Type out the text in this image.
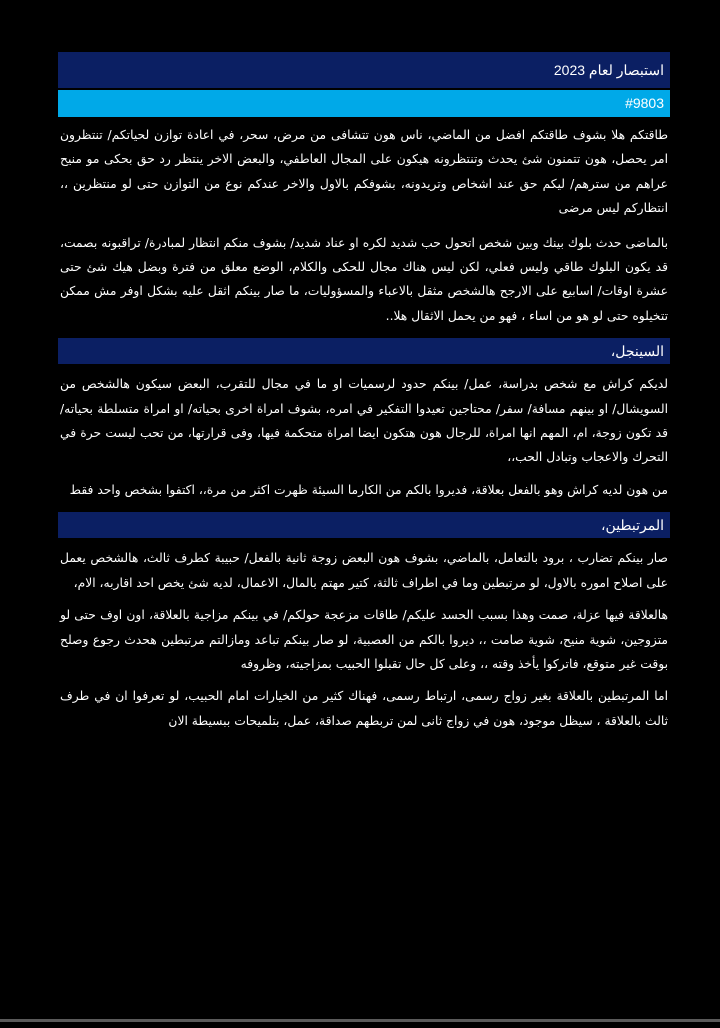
استبصار لعام 2023
#9803

طاقتكم هلا بشوف طاقتكم افضل من الماضي، ناس هون تتشافى من مرض، سحر، في اعادة توازن لحياتكم/ تنتظرون امر يحصل، هون تتمنون شئ يحدث وتنتظرونه هيكون على المجال العاطفي، والبعض الاخر ينتظر رد حق بحكى مو منيح عراهم من سترهم/ ليكم حق عند اشخاص وتريدونه، بشوفكم بالاول والاخر عندكم نوع من التوازن حتى لو منتظرين ،، انتظاركم ليس مرضى

بالماضى حدث بلوك بينك وبين شخص اتحول حب شديد لكره او عناد شديد/ بشوف منكم انتظار لمبادرة/ تراقبونه بصمت، قد يكون البلوك طاقي وليس فعلي، لكن ليس هناك مجال للحكى والكلام، الوضع معلق من فترة وبضل هيك شئ حتى عشرة اوقات/ اسابيع على الارجح هالشخص مثقل بالاعباء والمسؤوليات، ما صار بينكم اثقل عليه بشكل اوفر مش ممكن تتخيلوه حتى لو هو من اساء ، فهو من يحمل الاثقال هلا..

السينجل،

لديكم كراش مع شخص بدراسة، عمل/ بينكم حدود لرسميات او ما في مجال للتقرب، البعض سيكون هالشخص من السويشال/ او بينهم مسافة/ سفر/ محتاجين تعيدوا التفكير في امره، بشوف امراة اخرى بحياته/ او امراة متسلطة بحياته/ قد تكون زوجة، ام، المهم انها امراة، للرجال هون هتكون ايضا امراة متحكمة فيها، وفى قرارتها، من تحب ليست حرة في التحرك والاعجاب وتبادل الحب،،

من هون لديه كراش وهو بالفعل بعلاقة، فديروا بالكم من الكارما السيئة ظهرت اكثر من مرة،، اكتفوا بشخص واحد فقط

المرتبطين،

صار بينكم تضارب ، برود بالتعامل، بالماضي، بشوف هون البعض زوجة ثانية بالفعل/ حبيبة كطرف ثالث، هالشخص يعمل على اصلاح اموره بالاول، لو مرتبطين وما في اطراف ثالثة، كتير مهتم بالمال، الاعمال، لديه شئ يخص احد اقاربه، الام،

هالعلاقة فيها عزلة، صمت وهذا بسبب الحسد عليكم/ طاقات مزعجة حولكم/ في بينكم مزاجية بالعلاقة، اون اوف حتى لو متزوجين، شوية منيح، شوية صامت ،، ديروا بالكم من العصبية، لو صار بينكم تباعد ومازالتم مرتبطين هحدث رجوع وصلح بوقت غير متوقع، فاتركوا يأخذ وقته ،، وعلى كل حال تقبلوا الحبيب بمزاجيته، وظروفه

اما المرتبطين بالعلاقة بغير زواج رسمى، ارتباط رسمى، فهناك كثير من الخيارات امام الحبيب، لو تعرفوا ان في طرف ثالث بالعلاقة ، سيظل موجود، هون في زواج ثانى لمن تربطهم صداقة، عمل، بتلميحات ببسيطة الان
